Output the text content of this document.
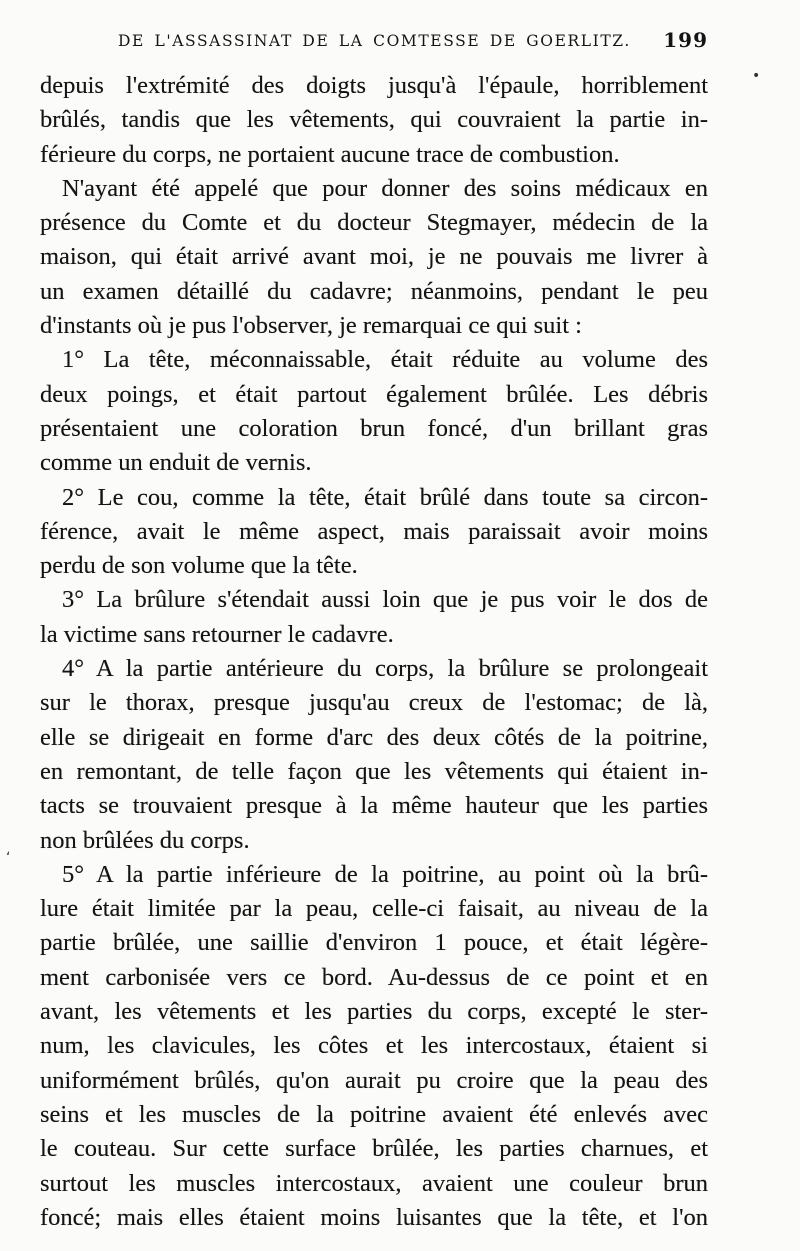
DE L'ASSASSINAT DE LA COMTESSE DE GOERLITZ. 199
•
ʻ
depuis l'extrémité des doigts jusqu'à l'épaule, horriblement
brûlés, tandis que les vêtements, qui couvraient la partie in-
férieure du corps, ne portaient aucune trace de combustion.
N'ayant été appelé que pour donner des soins médicaux en
présence du Comte et du docteur Stegmayer, médecin de la
maison, qui était arrivé avant moi, je ne pouvais me livrer à
un examen détaillé du cadavre; néanmoins, pendant le peu
d'instants où je pus l'observer, je remarquai ce qui suit :
1° La tête, méconnaissable, était réduite au volume des
deux poings, et était partout également brûlée. Les débris
présentaient une coloration brun foncé, d'un brillant gras
comme un enduit de vernis.
2° Le cou, comme la tête, était brûlé dans toute sa circon-
férence, avait le même aspect, mais paraissait avoir moins
perdu de son volume que la tête.
3° La brûlure s'étendait aussi loin que je pus voir le dos de
la victime sans retourner le cadavre.
4° A la partie antérieure du corps, la brûlure se prolongeait
sur le thorax, presque jusqu'au creux de l'estomac; de là,
elle se dirigeait en forme d'arc des deux côtés de la poitrine,
en remontant, de telle façon que les vêtements qui étaient in-
tacts se trouvaient presque à la même hauteur que les parties
non brûlées du corps.
5° A la partie inférieure de la poitrine, au point où la brû-
lure était limitée par la peau, celle-ci faisait, au niveau de la
partie brûlée, une saillie d'environ 1 pouce, et était légère-
ment carbonisée vers ce bord. Au-dessus de ce point et en
avant, les vêtements et les parties du corps, excepté le ster-
num, les clavicules, les côtes et les intercostaux, étaient si
uniformément brûlés, qu'on aurait pu croire que la peau des
seins et les muscles de la poitrine avaient été enlevés avec
le couteau. Sur cette surface brûlée, les parties charnues, et
surtout les muscles intercostaux, avaient une couleur brun
foncé; mais elles étaient moins luisantes que la tête, et l'on
